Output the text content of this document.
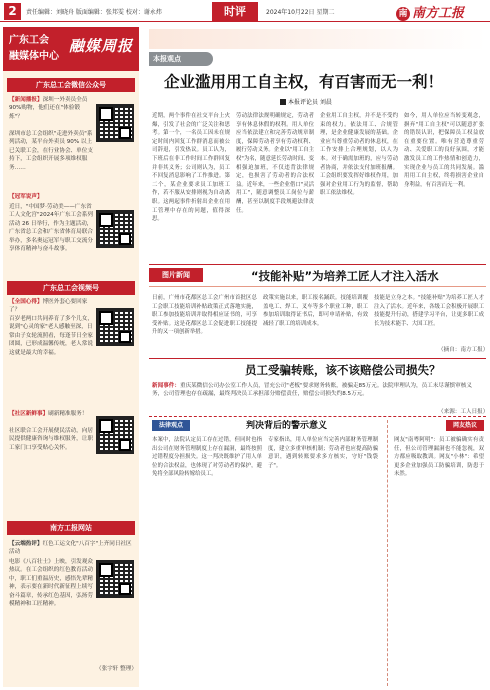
2	责任编辑：刘晓舟 版面编辑：张邦雯 校对：谢永炜	时评	2024年10月22日 星期二	南 南方工报
广东工会
融媒体中心
融媒周报
广东总工会微信公众号
【新闻播报】深圳一外卖员全员90%购物，他们还在"体验锻炼"？
深圳市总工会组织"走进外卖员"系列活动，某平台外卖员 90% 以上已关联工会，在行业协会、单位支持下，工会组织开展多项维权服务……
【冠军说声】
近日，"中国梦·劳动美——广东省工人文化宫"2024年广东工会系列活动 26 日举行，作为主题活动，广东省总工会和广东省体育局联合举办，多名奥运冠军与职工交流分享体育精神与奋斗故事。
广东总工会视频号
【全国心得】博医外套心要回家了？
百岁老两口共同养育了多个儿女，说到"心灵的家"老人感触至深，日常由子女轮流照看，每逢节日全家团圆，已形成温馨传统，老人常说这就是最大的幸福。
【社区新鲜事】刷新精准服务！
社区联合工会开展便民活动，向居民提供健康咨询与维权服务，让职工家门口享受贴心关怀。
南方工报网站
【云端热评】红色工运文化"八百字"上齐同日社区活动
电影《八百壮士》上映，引发观众热议。在工会组织的红色教育活动中，职工们重温历史，感悟先辈精神，表示要在新时代新征程上续写奋斗篇章，传承红色基因，弘扬劳模精神和工匠精神。
（张宇轩 整理）
本报观点
企业滥用用工自主权，有百害而无一利！
本报评论员 刘晨
近期，两个事件在社交平台上火爆，引发了社会的广泛关注和思考。第一个，一名员工因未在规定时间内回复工作群消息而被公司辞退，引发热议。员工认为，下班后在非工作时间工作群回复并非其义务；公司则认为，员工不回复消息影响了工作推进。第二个，某企业要求员工加班工作，若不服从安排则视为自动离职。这两起事件折射出企业在用工管理中存在的问题，值得深思。
劳动法律法规明确规定，劳动者享有休息休假的权利。用人单位应当依法建立和完善劳动规章制度，保障劳动者享有劳动权利、履行劳动义务。企业以"用工自主权"为名，随意延长劳动时间、变相强迫加班，不仅违背法律规定，也损害了劳动者的合法权益。近年来，一些企业借口"灵活用工"，随意调整员工岗位与薪酬，甚至以制度手段规避法律责任。
企业用工自主权，并不是不受约束的权力。依法用工、合规管理，是企业健康发展的基础。企业应当尊重劳动者的休息权，在工作安排上合理规划，以人为本。对于确需加班的，应与劳动者协商，并依法支付加班报酬。工会组织要发挥好维权作用，加强对企业用工行为的监督，帮助职工依法维权。
如今，用人单位应当转变观念，摒弃"用工自主权"可以随意扩张的错误认识，把保障员工权益放在重要位置。唯有营造尊重劳动、关爱职工的良好氛围，才能激发员工的工作热情和创造力，实现企业与员工的共同发展。滥用用工自主权，终将损害企业自身利益，有百害而无一利。
图片新闻	“技能补贴”为培养工匠人才注入活水
日前，广州市花都区总工会广州市首批区总工会职工技能培训补贴政策正式落地实施，职工参加技能培训并取得相应证书的，可享受补贴。这是花都区总工会促进职工技能提升的又一项创新举措。
政策实施以来，职工报名踊跃。技能培训覆盖电工、焊工、叉车等多个职业工种，职工参加培训取得证书后，即可申请补贴，有效减轻了职工的培训成本。
技能是立身之本。"技能补贴"为培养工匠人才注入了活水。近年来，各级工会积极开展职工技能提升行动，搭建学习平台，让更多职工成长为技术能手、大国工匠。
（摘自：南方工报）
员工受骗转账，该不该赔偿公司损失？
新闻事件：重庆某微信公司办公室工作人员，冒充公司"老板"要求财务转账，被骗走85万元。法院审理认为，员工未尽谨慎审核义务，公司管理也存在疏漏，最终判决员工承担部分赔偿责任，赔偿公司损失约8.5万元。
（来源：工人日报）
法律观点	判决背后的警示意义	网友热议
本案中，法院认定员工存在过错，但同时也指出公司在财务管理制度上存在漏洞，最终按照过错程度分担损失。这一判决既维护了用人单位的合法权益，也体现了对劳动者的保护，避免将全部风险转嫁给员工。
专家指出，用人单位应当完善内部财务管理制度，建立多重审核机制；劳动者也应提高防骗意识，遇到转账要求多方核实，守好"钱袋子"。
网友"南粤阿明"：员工被骗确实有责任，但公司管理漏洞也不能忽视，双方都应吸取教训。网友"小林"：希望更多企业加强员工防骗培训，防患于未然。
